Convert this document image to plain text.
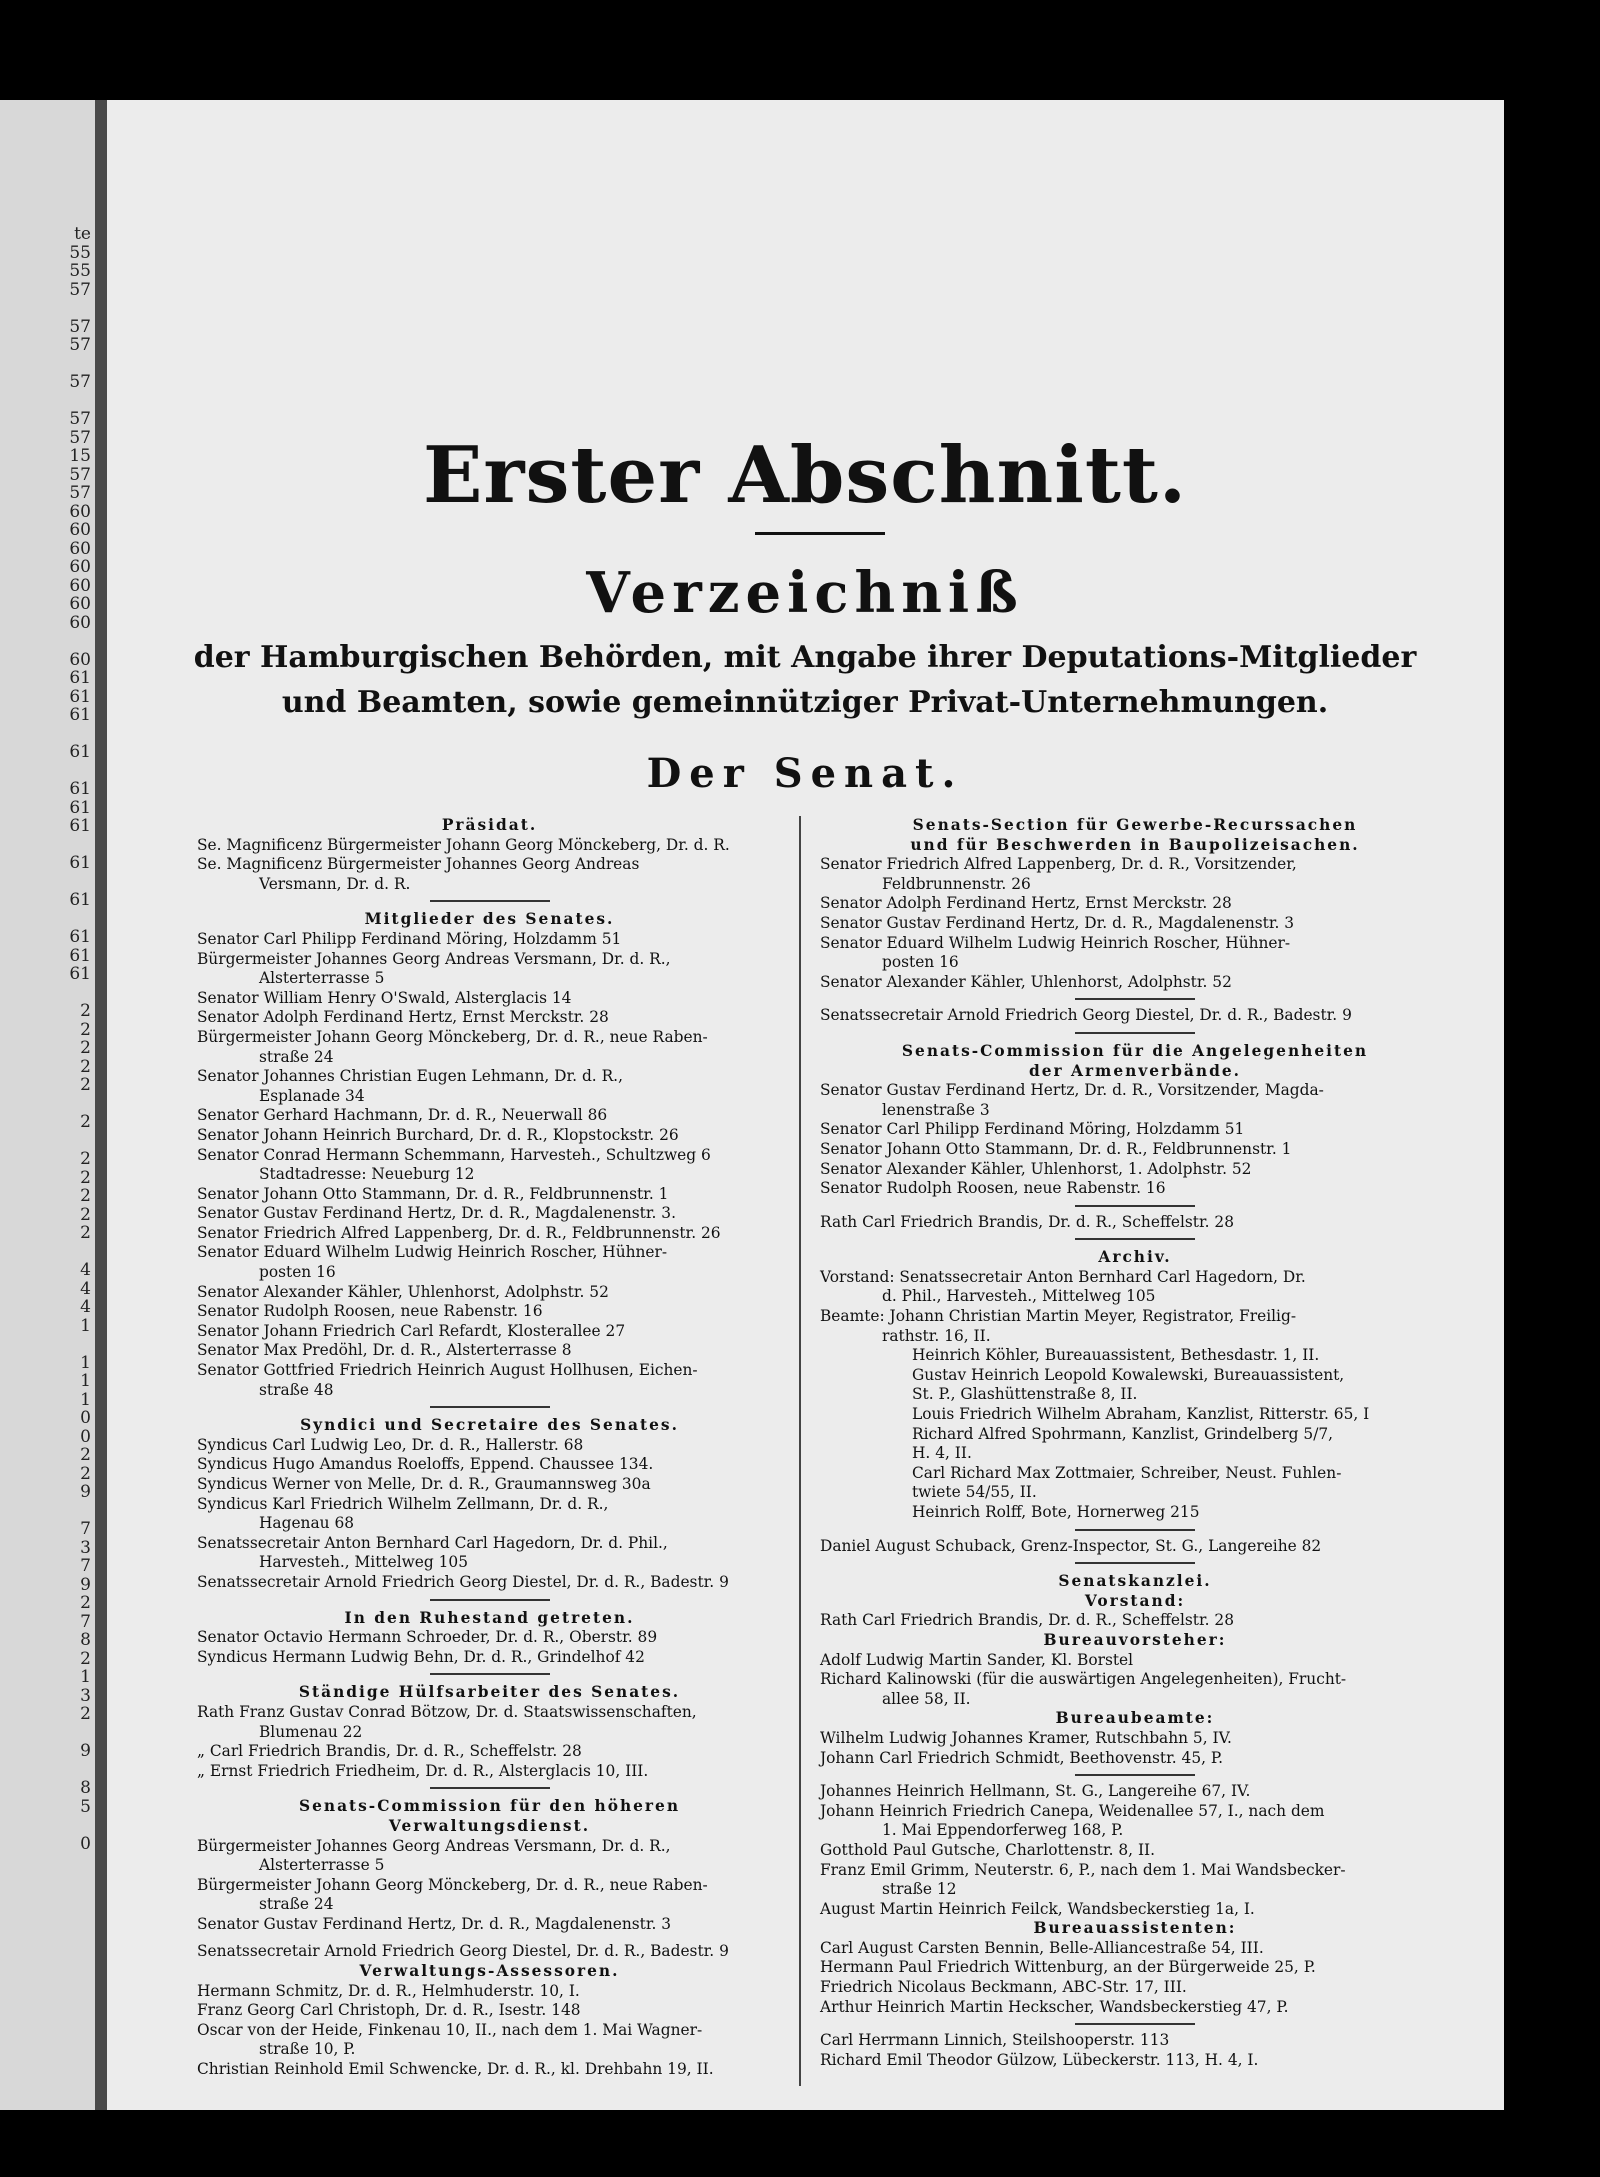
te
55
55
57
57
57
57
57
57
15
57
57
60
60
60
60
60
60
60
60
61
61
61
61
61
61
61
61
61
61
61
61
2
2
2
2
2
2
2
2
2
2
2
4
4
4
1
1
1
1
0
0
2
2
9
7
3
7
9
2
7
8
2
1
3
2
9
8
5
0
Erster Abschnitt.
Verzeichniß
der Hamburgischen Behörden, mit Angabe ihrer Deputations-Mitglieder
und Beamten, sowie gemeinnütziger Privat-Unternehmungen.
Der Senat.
Präsidat.
Se. Magnificenz Bürgermeister Johann Georg Mönckeberg, Dr. d. R.
Se. Magnificenz Bürgermeister Johannes Georg Andreas
Versmann, Dr. d. R.
Mitglieder des Senates.
Senator Carl Philipp Ferdinand Möring, Holzdamm 51
Bürgermeister Johannes Georg Andreas Versmann, Dr. d. R.,
Alsterterrasse 5
Senator William Henry O'Swald, Alsterglacis 14
Senator Adolph Ferdinand Hertz, Ernst Merckstr. 28
Bürgermeister Johann Georg Mönckeberg, Dr. d. R., neue Raben-
straße 24
Senator Johannes Christian Eugen Lehmann, Dr. d. R.,
Esplanade 34
Senator Gerhard Hachmann, Dr. d. R., Neuerwall 86
Senator Johann Heinrich Burchard, Dr. d. R., Klopstockstr. 26
Senator Conrad Hermann Schemmann, Harvesteh., Schultzweg 6
Stadtadresse: Neueburg 12
Senator Johann Otto Stammann, Dr. d. R., Feldbrunnenstr. 1
Senator Gustav Ferdinand Hertz, Dr. d. R., Magdalenenstr. 3.
Senator Friedrich Alfred Lappenberg, Dr. d. R., Feldbrunnenstr. 26
Senator Eduard Wilhelm Ludwig Heinrich Roscher, Hühner-
posten 16
Senator Alexander Kähler, Uhlenhorst, Adolphstr. 52
Senator Rudolph Roosen, neue Rabenstr. 16
Senator Johann Friedrich Carl Refardt, Klosterallee 27
Senator Max Predöhl, Dr. d. R., Alsterterrasse 8
Senator Gottfried Friedrich Heinrich August Hollhusen, Eichen-
straße 48
Syndici und Secretaire des Senates.
Syndicus Carl Ludwig Leo, Dr. d. R., Hallerstr. 68
Syndicus Hugo Amandus Roeloffs, Eppend. Chaussee 134.
Syndicus Werner von Melle, Dr. d. R., Graumannsweg 30a
Syndicus Karl Friedrich Wilhelm Zellmann, Dr. d. R.,
Hagenau 68
Senatssecretair Anton Bernhard Carl Hagedorn, Dr. d. Phil.,
Harvesteh., Mittelweg 105
Senatssecretair Arnold Friedrich Georg Diestel, Dr. d. R., Badestr. 9
In den Ruhestand getreten.
Senator Octavio Hermann Schroeder, Dr. d. R., Oberstr. 89
Syndicus Hermann Ludwig Behn, Dr. d. R., Grindelhof 42
Ständige Hülfsarbeiter des Senates.
Rath Franz Gustav Conrad Bötzow, Dr. d. Staatswissenschaften,
Blumenau 22
„ Carl Friedrich Brandis, Dr. d. R., Scheffelstr. 28
„ Ernst Friedrich Friedheim, Dr. d. R., Alsterglacis 10, III.
Senats-Commission für den höheren
Verwaltungsdienst.
Bürgermeister Johannes Georg Andreas Versmann, Dr. d. R.,
Alsterterrasse 5
Bürgermeister Johann Georg Mönckeberg, Dr. d. R., neue Raben-
straße 24
Senator Gustav Ferdinand Hertz, Dr. d. R., Magdalenenstr. 3
Senatssecretair Arnold Friedrich Georg Diestel, Dr. d. R., Badestr. 9
Verwaltungs-Assessoren.
Hermann Schmitz, Dr. d. R., Helmhuderstr. 10, I.
Franz Georg Carl Christoph, Dr. d. R., Isestr. 148
Oscar von der Heide, Finkenau 10, II., nach dem 1. Mai Wagner-
straße 10, P.
Christian Reinhold Emil Schwencke, Dr. d. R., kl. Drehbahn 19, II.
Senats-Section für Gewerbe-Recurssachen
und für Beschwerden in Baupolizeisachen.
Senator Friedrich Alfred Lappenberg, Dr. d. R., Vorsitzender,
Feldbrunnenstr. 26
Senator Adolph Ferdinand Hertz, Ernst Merckstr. 28
Senator Gustav Ferdinand Hertz, Dr. d. R., Magdalenenstr. 3
Senator Eduard Wilhelm Ludwig Heinrich Roscher, Hühner-
posten 16
Senator Alexander Kähler, Uhlenhorst, Adolphstr. 52
Senatssecretair Arnold Friedrich Georg Diestel, Dr. d. R., Badestr. 9
Senats-Commission für die Angelegenheiten
der Armenverbände.
Senator Gustav Ferdinand Hertz, Dr. d. R., Vorsitzender, Magda-
lenenstraße 3
Senator Carl Philipp Ferdinand Möring, Holzdamm 51
Senator Johann Otto Stammann, Dr. d. R., Feldbrunnenstr. 1
Senator Alexander Kähler, Uhlenhorst, 1. Adolphstr. 52
Senator Rudolph Roosen, neue Rabenstr. 16
Rath Carl Friedrich Brandis, Dr. d. R., Scheffelstr. 28
Archiv.
Vorstand: Senatssecretair Anton Bernhard Carl Hagedorn, Dr.
d. Phil., Harvesteh., Mittelweg 105
Beamte: Johann Christian Martin Meyer, Registrator, Freilig-
rathstr. 16, II.
Heinrich Köhler, Bureauassistent, Bethesdastr. 1, II.
Gustav Heinrich Leopold Kowalewski, Bureauassistent,
St. P., Glashüttenstraße 8, II.
Louis Friedrich Wilhelm Abraham, Kanzlist, Ritterstr. 65, I
Richard Alfred Spohrmann, Kanzlist, Grindelberg 5/7,
H. 4, II.
Carl Richard Max Zottmaier, Schreiber, Neust. Fuhlen-
twiete 54/55, II.
Heinrich Rolff, Bote, Hornerweg 215
Daniel August Schuback, Grenz-Inspector, St. G., Langereihe 82
Senatskanzlei.
Vorstand:
Rath Carl Friedrich Brandis, Dr. d. R., Scheffelstr. 28
Bureauvorsteher:
Adolf Ludwig Martin Sander, Kl. Borstel
Richard Kalinowski (für die auswärtigen Angelegenheiten), Frucht-
allee 58, II.
Bureaubeamte:
Wilhelm Ludwig Johannes Kramer, Rutschbahn 5, IV.
Johann Carl Friedrich Schmidt, Beethovenstr. 45, P.
Johannes Heinrich Hellmann, St. G., Langereihe 67, IV.
Johann Heinrich Friedrich Canepa, Weidenallee 57, I., nach dem
1. Mai Eppendorferweg 168, P.
Gotthold Paul Gutsche, Charlottenstr. 8, II.
Franz Emil Grimm, Neuterstr. 6, P., nach dem 1. Mai Wandsbecker-
straße 12
August Martin Heinrich Feilck, Wandsbeckerstieg 1a, I.
Bureauassistenten:
Carl August Carsten Bennin, Belle-Alliancestraße 54, III.
Hermann Paul Friedrich Wittenburg, an der Bürgerweide 25, P.
Friedrich Nicolaus Beckmann, ABC-Str. 17, III.
Arthur Heinrich Martin Heckscher, Wandsbeckerstieg 47, P.
Carl Herrmann Linnich, Steilshooperstr. 113
Richard Emil Theodor Gülzow, Lübeckerstr. 113, H. 4, I.
